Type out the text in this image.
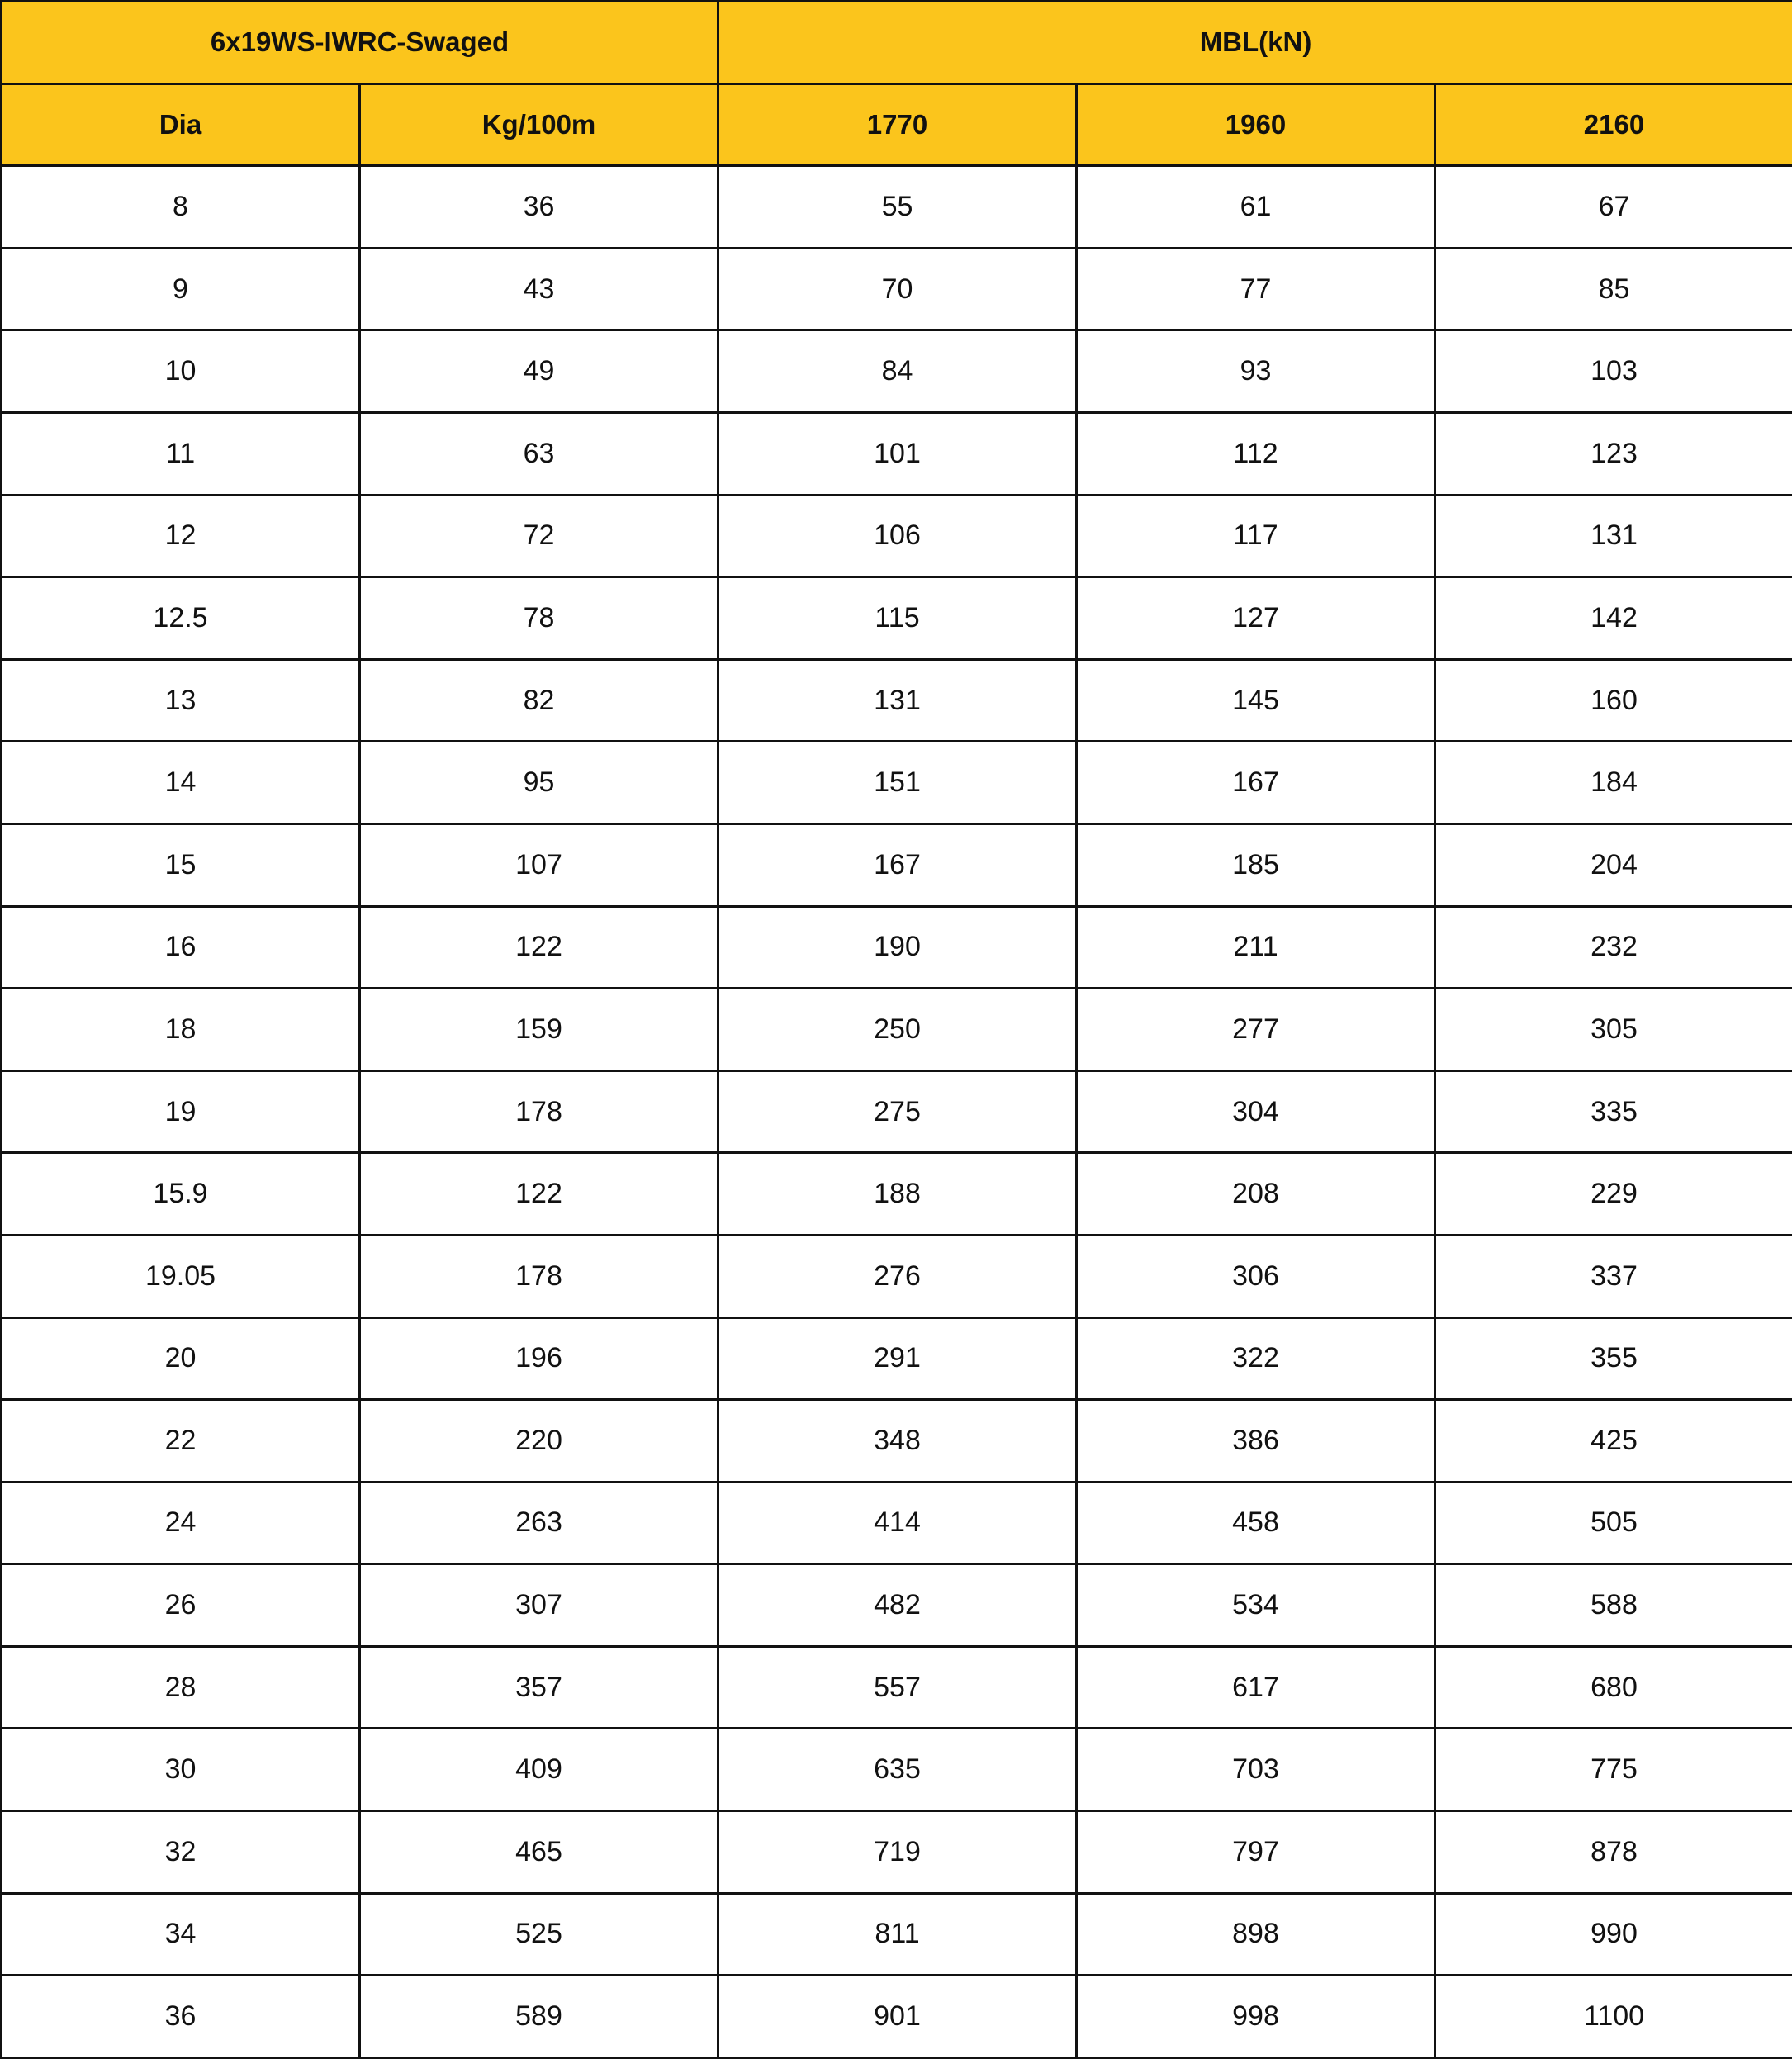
6x19WS-IWRC-Swaged		MBL(kN)		
Dia	Kg/100m	1770	1960	2160
8	36	55	61	67
9	43	70	77	85
10	49	84	93	103
11	63	101	112	123
12	72	106	117	131
12.5	78	115	127	142
13	82	131	145	160
14	95	151	167	184
15	107	167	185	204
16	122	190	211	232
18	159	250	277	305
19	178	275	304	335
15.9	122	188	208	229
19.05	178	276	306	337
20	196	291	322	355
22	220	348	386	425
24	263	414	458	505
26	307	482	534	588
28	357	557	617	680
30	409	635	703	775
32	465	719	797	878
34	525	811	898	990
36	589	901	998	1100
